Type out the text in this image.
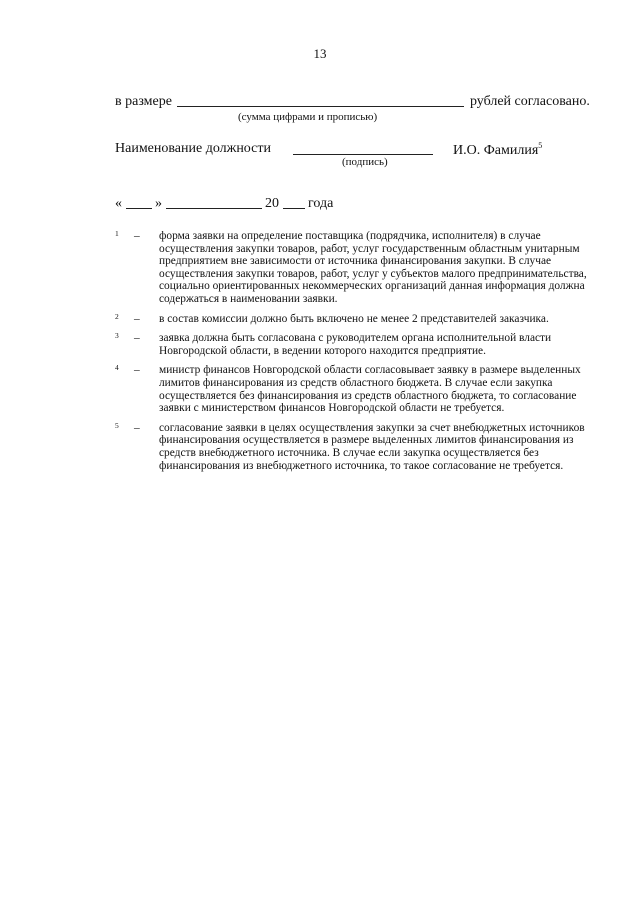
13
в размере	рублей согласовано.
(сумма цифрами и прописью)
Наименование должности	И.О. Фамилия$^5$
(подпись)
« »	20 года
1 – форма заявки на определение поставщика (подрядчика, исполнителя) в случае осуществления закупки товаров, работ, услуг государственным областным унитарным предприятием вне зависимости от источника финансирования закупки. В случае осуществления закупки товаров, работ, услуг у субъектов малого предпринимательства, социально ориентированных некоммерческих организаций данная информация должна содержаться в наименовании заявки.
2 – в состав комиссии должно быть включено не менее 2 представителей заказчика.
3 – заявка должна быть согласована с руководителем органа исполнительной власти Новгородской области, в ведении которого находится предприятие.
4 – министр финансов Новгородской области согласовывает заявку в размере выделенных лимитов финансирования из средств областного бюджета. В случае если закупка осуществляется без финансирования из средств областного бюджета, то согласование заявки с министерством финансов Новгородской области не требуется.
5 – согласование заявки в целях осуществления закупки за счет внебюджетных источников финансирования осуществляется в размере выделенных лимитов финансирования из средств внебюджетного источника. В случае если закупка осуществляется без финансирования из внебюджетного источника, то такое согласование не требуется.
